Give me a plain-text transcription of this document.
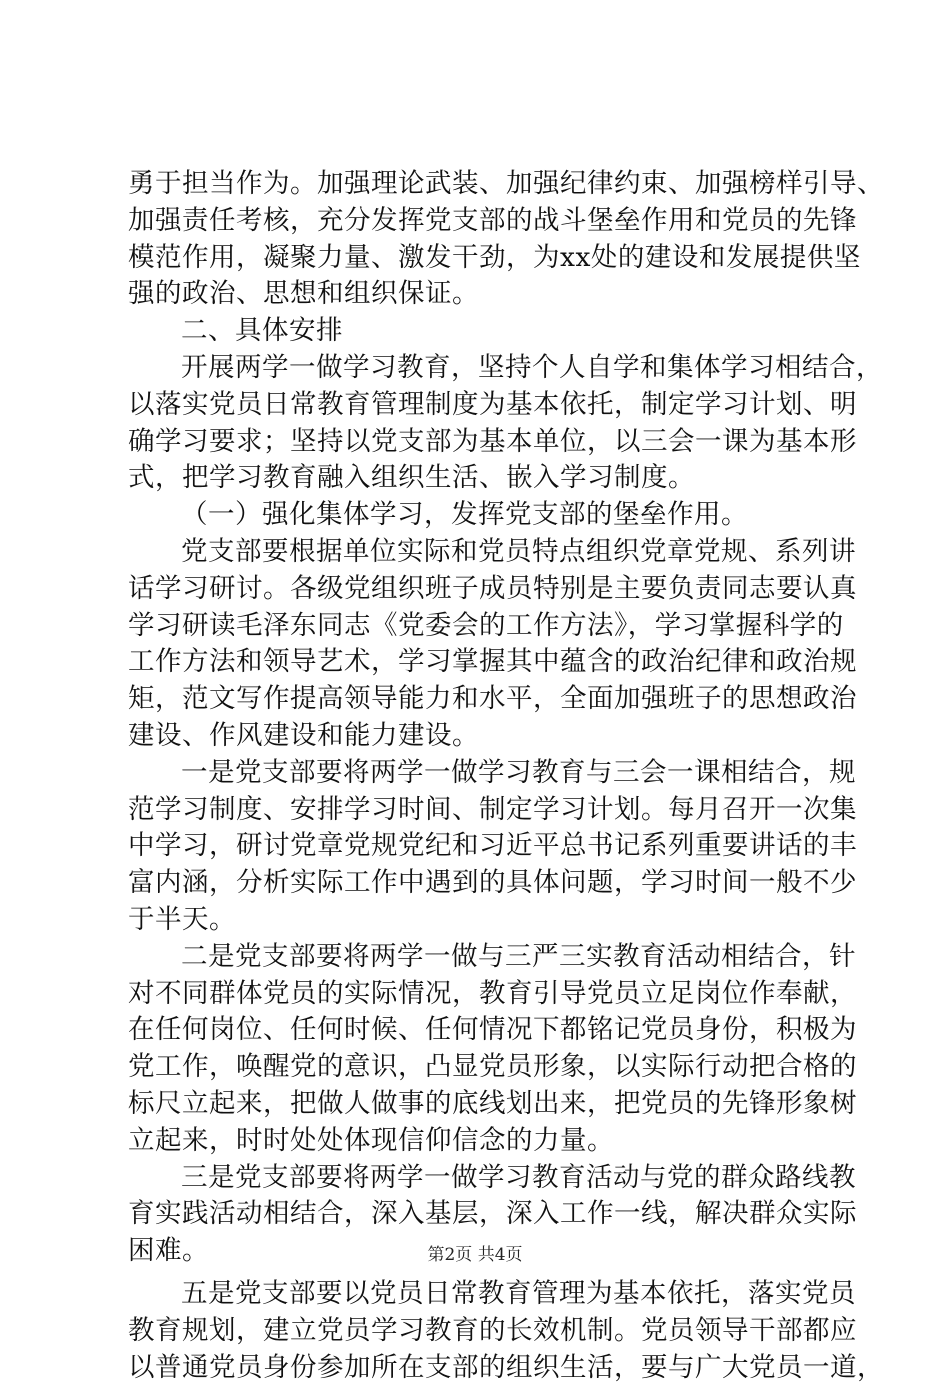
勇于担当作为。加强理论武装、加强纪律约束、加强榜样引导、
加强责任考核，充分发挥党支部的战斗堡垒作用和党员的先锋
模范作用，凝聚力量、激发干劲，为xx处的建设和发展提供坚
强的政治、思想和组织保证。
二、具体安排
开展两学一做学习教育，坚持个人自学和集体学习相结合，
以落实党员日常教育管理制度为基本依托，制定学习计划、明
确学习要求；坚持以党支部为基本单位，以三会一课为基本形
式，把学习教育融入组织生活、嵌入学习制度。
（一）强化集体学习，发挥党支部的堡垒作用。
党支部要根据单位实际和党员特点组织党章党规、系列讲
话学习研讨。各级党组织班子成员特别是主要负责同志要认真
学习研读毛泽东同志《党委会的工作方法》，学习掌握科学的
工作方法和领导艺术，学习掌握其中蕴含的政治纪律和政治规
矩，范文写作提高领导能力和水平，全面加强班子的思想政治
建设、作风建设和能力建设。
一是党支部要将两学一做学习教育与三会一课相结合，规
范学习制度、安排学习时间、制定学习计划。每月召开一次集
中学习，研讨党章党规党纪和习近平总书记系列重要讲话的丰
富内涵，分析实际工作中遇到的具体问题，学习时间一般不少
于半天。
二是党支部要将两学一做与三严三实教育活动相结合，针
对不同群体党员的实际情况，教育引导党员立足岗位作奉献，
在任何岗位、任何时候、任何情况下都铭记党员身份，积极为
党工作，唤醒党的意识，凸显党员形象，以实际行动把合格的
标尺立起来，把做人做事的底线划出来，把党员的先锋形象树
立起来，时时处处体现信仰信念的力量。
三是党支部要将两学一做学习教育活动与党的群众路线教
育实践活动相结合，深入基层，深入工作一线，解决群众实际
困难。
五是党支部要以党员日常教育管理为基本依托，落实党员
教育规划，建立党员学习教育的长效机制。党员领导干部都应
以普通党员身份参加所在支部的组织生活，要与广大党员一道，
第2页 共4页
